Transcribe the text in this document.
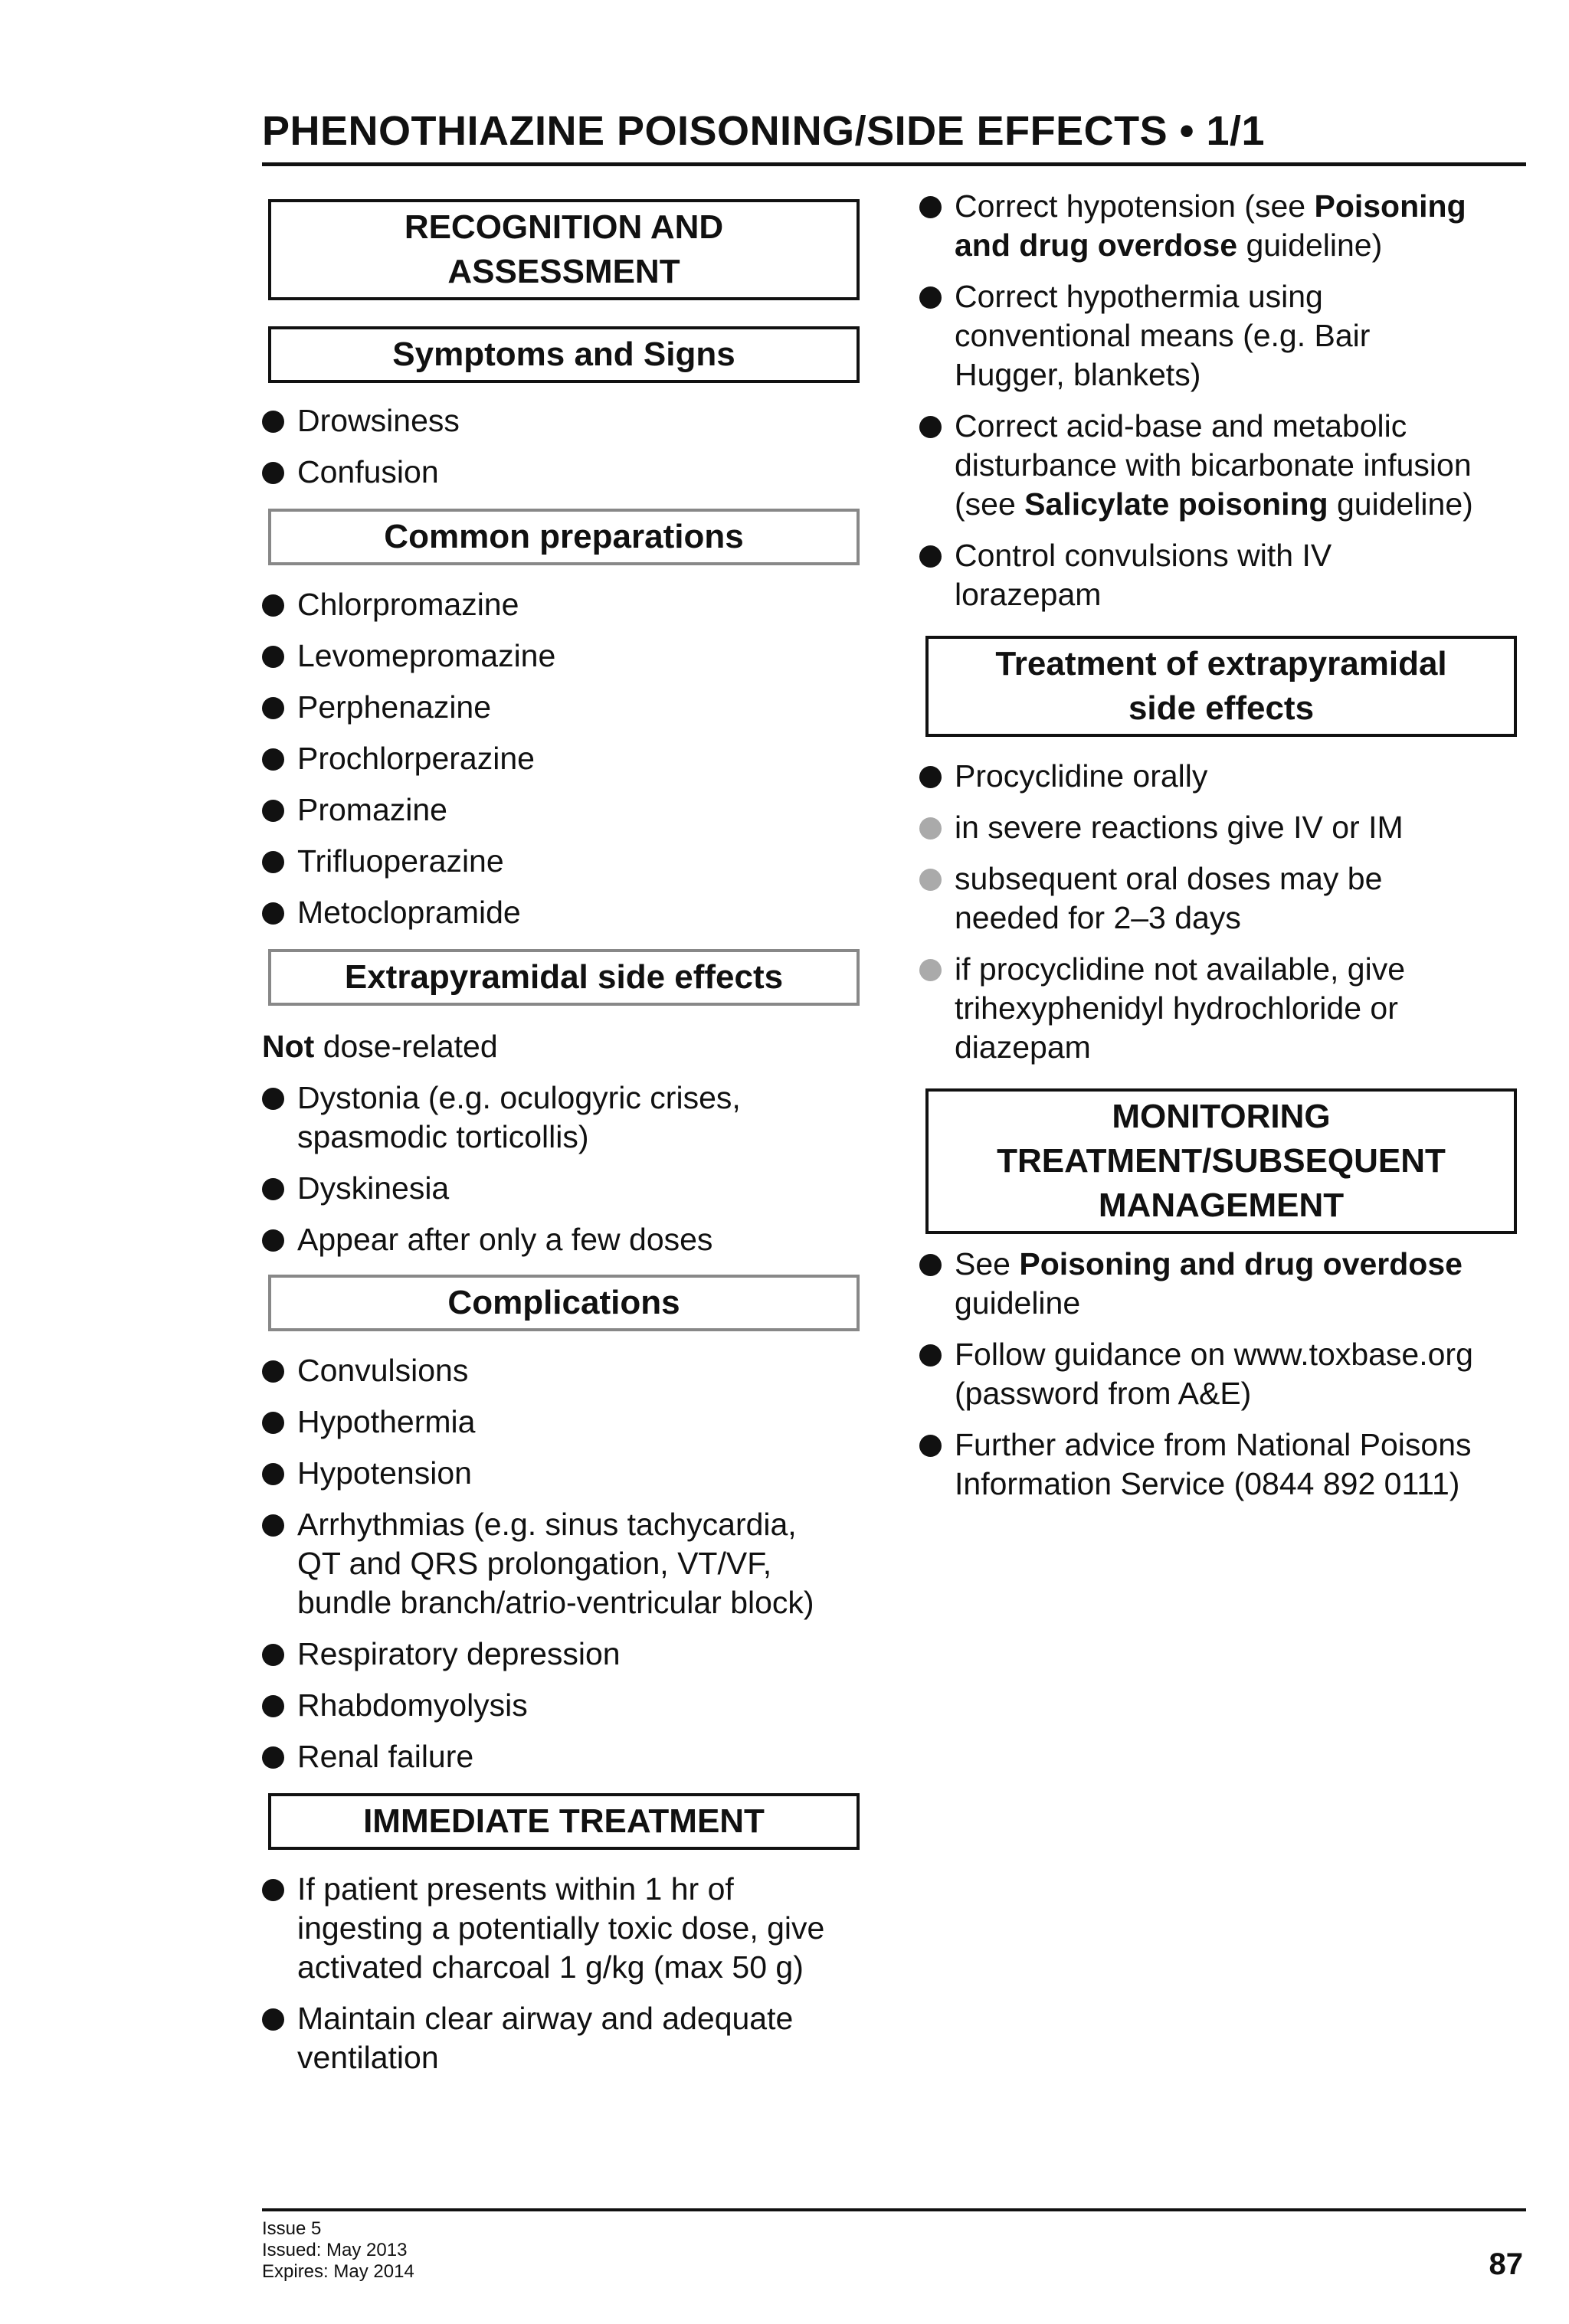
PHENOTHIAZINE POISONING/SIDE EFFECTS • 1/1
RECOGNITION AND
ASSESSMENT
Symptoms and Signs
Drowsiness
Confusion
Common preparations
Chlorpromazine
Levomepromazine
Perphenazine
Prochlorperazine
Promazine
Trifluoperazine
Metoclopramide
Extrapyramidal side effects
Not dose-related
Dystonia (e.g. oculogyric crises,
spasmodic torticollis)
Dyskinesia
Appear after only a few doses
Complications
Convulsions
Hypothermia
Hypotension
Arrhythmias (e.g. sinus tachycardia,
QT and QRS prolongation, VT/VF,
bundle branch/atrio-ventricular block)
Respiratory depression
Rhabdomyolysis
Renal failure
IMMEDIATE TREATMENT
If patient presents within 1 hr of
ingesting a potentially toxic dose, give
activated charcoal 1 g/kg (max 50 g)
Maintain clear airway and adequate
ventilation
Correct hypotension (see Poisoning
and drug overdose guideline)
Correct hypothermia using
conventional means (e.g. Bair
Hugger, blankets)
Correct acid-base and metabolic
disturbance with bicarbonate infusion
(see Salicylate poisoning guideline)
Control convulsions with IV
lorazepam
Treatment of extrapyramidal
side effects
Procyclidine orally
in severe reactions give IV or IM
subsequent oral doses may be
needed for 2–3 days
if procyclidine not available, give
trihexyphenidyl hydrochloride or
diazepam
MONITORING
TREATMENT/SUBSEQUENT
MANAGEMENT
See Poisoning and drug overdose
guideline
Follow guidance on www.toxbase.org
(password from A&E)
Further advice from National Poisons
Information Service (0844 892 0111)
Issue 5
Issued: May 2013
Expires: May 2014	87
